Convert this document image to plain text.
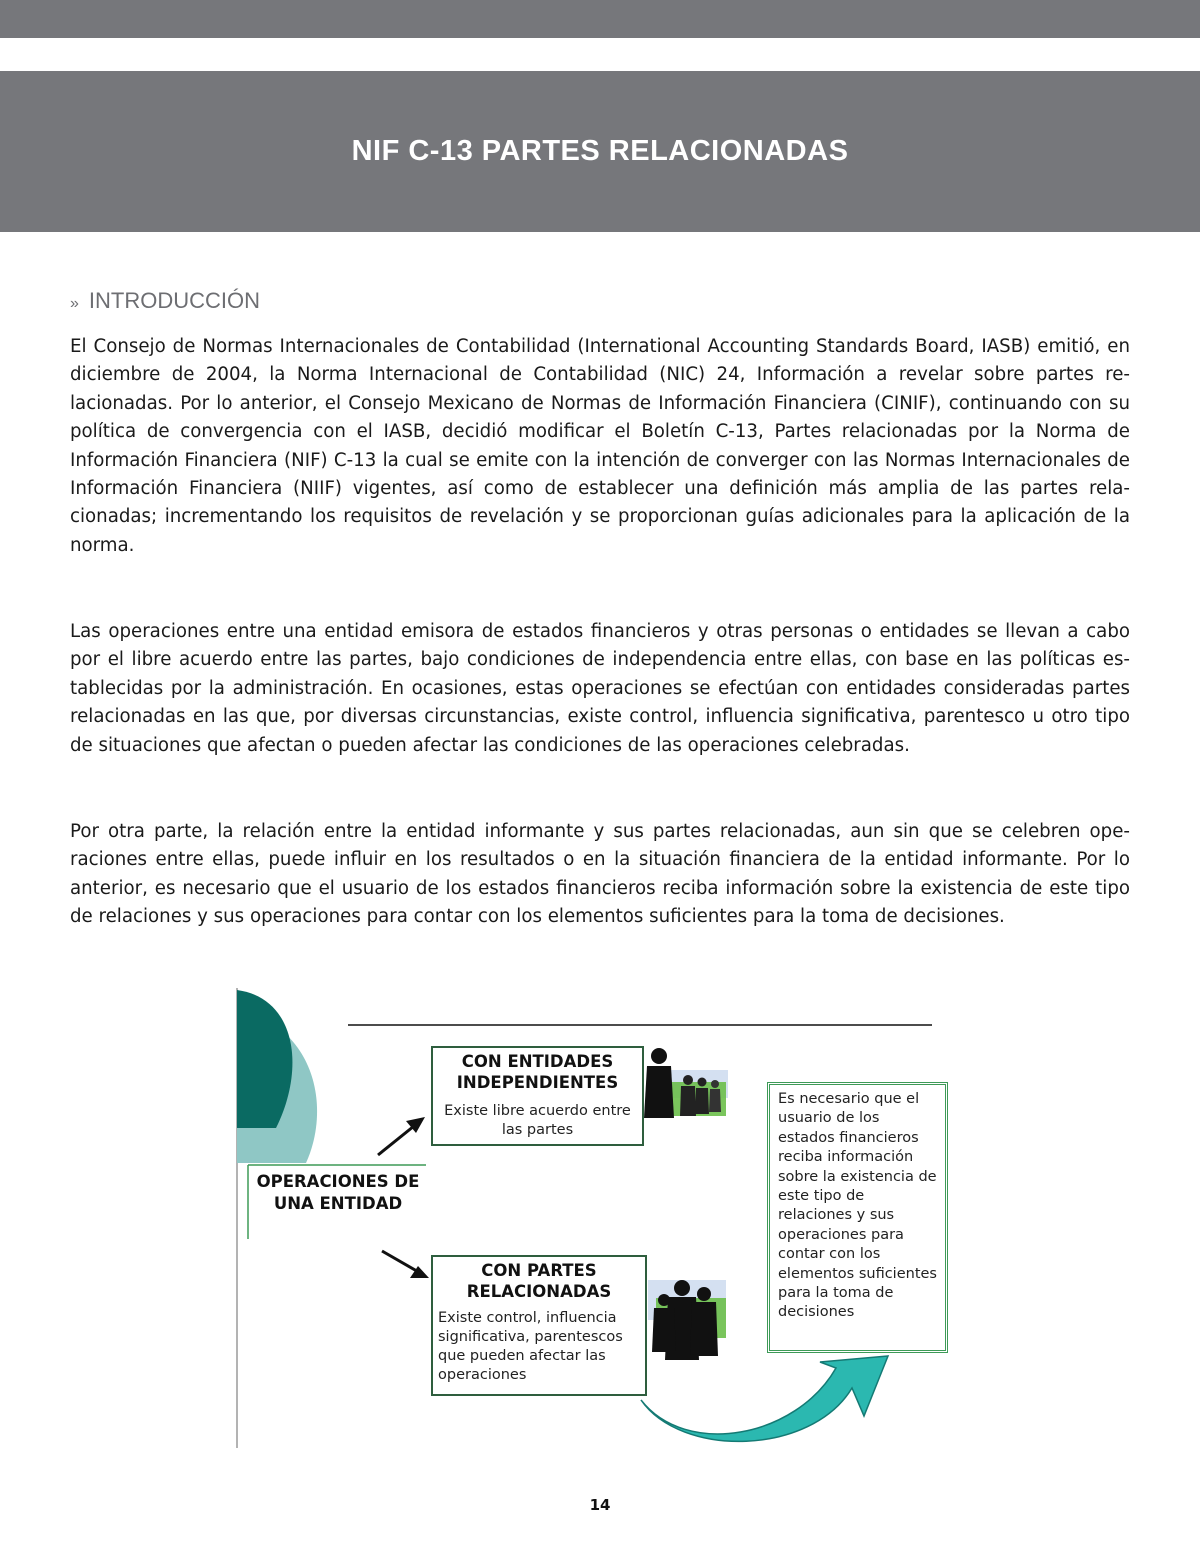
NIF C-13 PARTES RELACIONADAS
» INTRODUCCIÓN

El Consejo de Normas Internacionales de Contabilidad (International Accounting Standards Board, IASB) emitió, en diciembre de 2004, la Norma Internacional de Contabilidad (NIC) 24, Información a revelar sobre partes re-lacionadas. Por lo anterior, el Consejo Mexicano de Normas de Información Financiera (CINIF), continuando con su política de convergencia con el IASB, decidió modificar el Boletín C-13, Partes relacionadas por la Norma de Información Financiera (NIF) C-13 la cual se emite con la intención de converger con las Normas Internacionales de Información Financiera (NIIF) vigentes, así como de establecer una definición más amplia de las partes rela-cionadas; incrementando los requisitos de revelación y se proporcionan guías adicionales para la aplicación de la norma.

Las operaciones entre una entidad emisora de estados financieros y otras personas o entidades se llevan a cabo por el libre acuerdo entre las partes, bajo condiciones de independencia entre ellas, con base en las políticas es-tablecidas por la administración. En ocasiones, estas operaciones se efectúan con entidades consideradas partes relacionadas en las que, por diversas circunstancias, existe control, influencia significativa, parentesco u otro tipo de situaciones que afectan o pueden afectar las condiciones de las operaciones celebradas.

Por otra parte, la relación entre la entidad informante y sus partes relacionadas, aun sin que se celebren ope-raciones entre ellas, puede influir en los resultados o en la situación financiera de la entidad informante. Por lo anterior, es necesario que el usuario de los estados financieros reciba información sobre la existencia de este tipo de relaciones y sus operaciones para contar con los elementos suficientes para la toma de decisiones.

CON ENTIDADES INDEPENDIENTES
Existe libre acuerdo entre las partes
OPERACIONES DE UNA ENTIDAD
CON PARTES RELACIONADAS
Existe control, influencia significativa, parentescos que pueden afectar las operaciones
Es necesario que el usuario de los estados financieros reciba información sobre la existencia de este tipo de relaciones y sus operaciones para contar con los elementos suficientes para la toma de decisiones
14
